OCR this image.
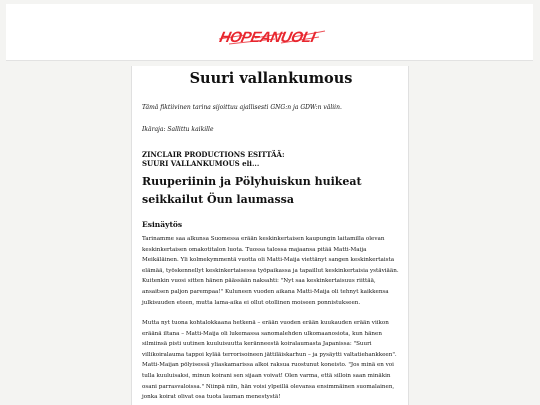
HOPEANUOLI
Suuri vallankumous

Tämä fiktiivinen tarina sijoittuu ajallisesti GNG:n ja GDW:n väliin.

Ikäraja: Sallittu kaikille

ZINCLAIR PRODUCTIONS ESITTÄÄ:
SUURI VALLANKUMOUS eli...
Ruuperiinin ja Pölyhuiskun huikeat seikkailut Öun laumassa
Esinäytös

Tarinamme saa alkunsa Suomessa erään keskinkertaisen kaupungin laitamilla olevan keskinkertaisen omakotitalon luota. Tuossa talossa majaansa pitää Matti-Maija Meikäläinen. Yli kolmekymmentä vuotta oli Matti-Maija viettänyt sangen keskinkertaista elämää, työskennellyt keskinkertaisessa työpaikassa ja tapaillut keskinkertaisia ystäviään. Kuitenkin vuosi sitten hänen päässään naksahti: "Nyt saa keskinkertaisuus riittää, ansaitsen paljon parempaa!" Kuluneen vuoden aikana Matti-Maija oli tehnyt kaikkensa julkisuuden eteen, mutta lama-aika ei ollut otollinen moiseen ponnistukseen.

Mutta nyt tuona kohtalokkaana hetkenä – erään vuoden erään kuukauden erään viikon eräänä iltana – Matti-Maija oli lukemassa sanomalehden ulkomaanosiota, kun hänen silmiinsä pisti uutinen kuuluisuutta keränneestä koiralaumasta Japanissa: "Suuri villikoiralauma tappoi kylää terrorisoineen jättiläiskarhun – ja pysäytti valtatiehankkeen". Matti-Maijan pölyisessä yliaskamarissa alkoi raksua ruostunut koneisto. "Jos minä en voi tulla kuuluisaksi, minun koirani sen sijaan voivat! Olen varma, että silloin saan minäkin osani parrasvaloissa." Niinpä niin, hän voisi ylpeillä olevansa ensimmäinen suomalainen, jonka koirat olivat osa tuota lauman menestystä!
